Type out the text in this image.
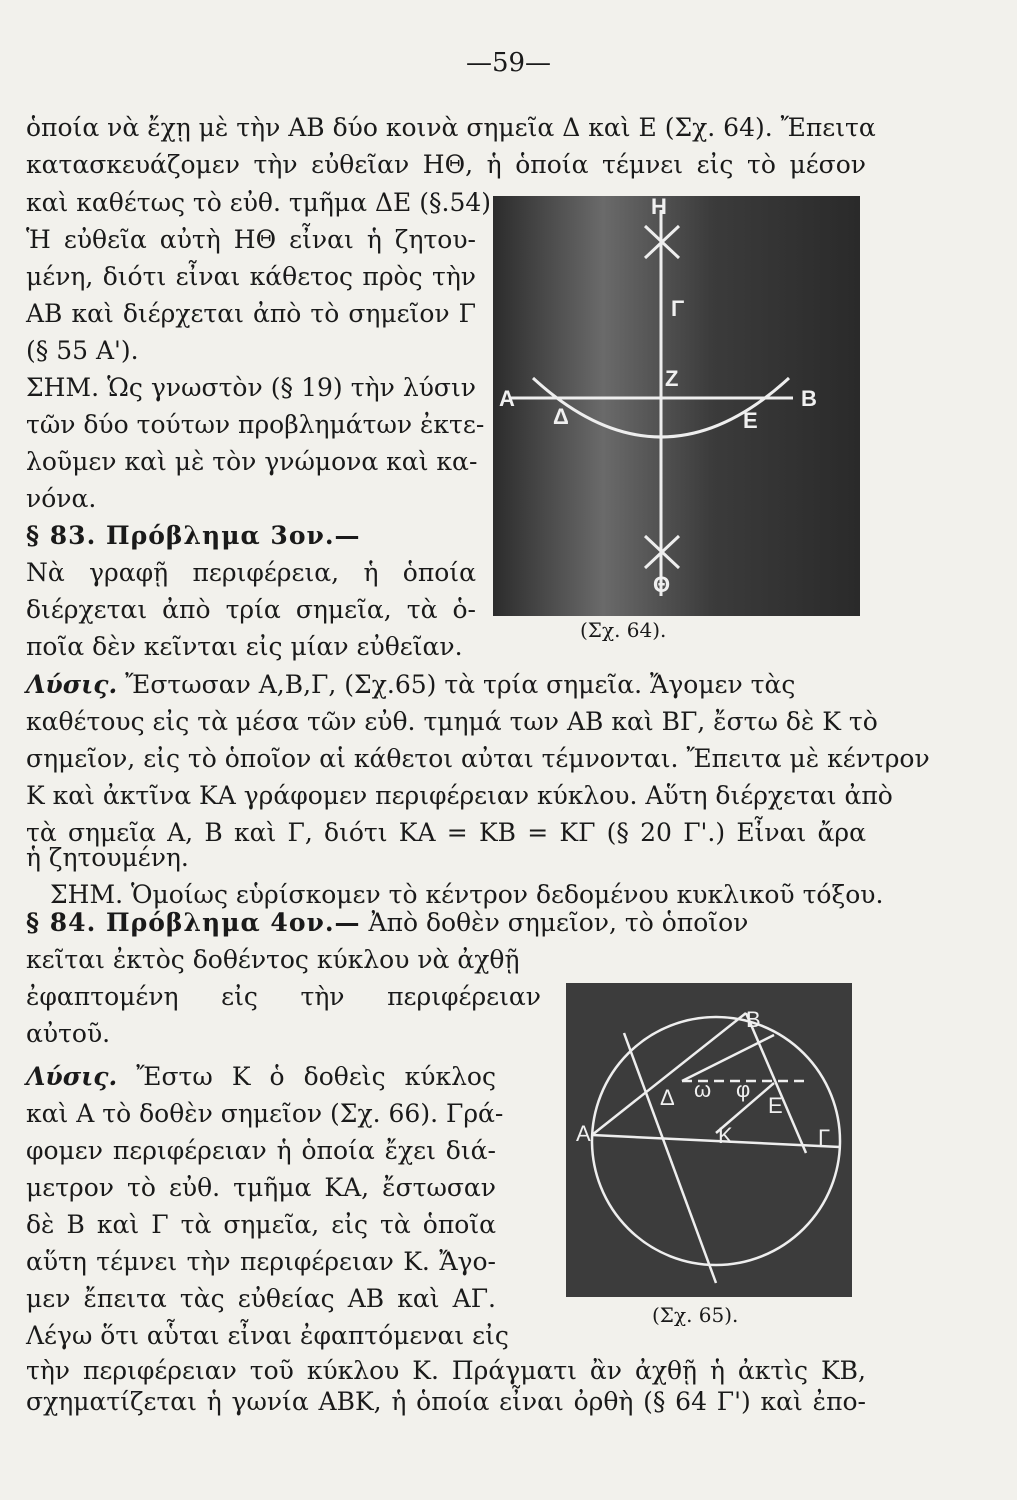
—59—
ὁποία νὰ ἔχῃ μὲ τὴν ΑΒ δύο κοινὰ σημεῖα Δ καὶ Ε (Σχ. 64). Ἔπειτα
κατασκευάζομεν τὴν εὐθεῖαν ΗΘ, ἡ ὁποία τέμνει εἰς τὸ μέσον
καὶ καθέτως τὸ εὐθ. τμῆμα ΔΕ (§.54)
Ἡ εὐθεῖα αὐτὴ ΗΘ εἶναι ἡ ζητου-
μένη, διότι εἶναι κάθετος πρὸς τὴν
ΑΒ καὶ διέρχεται ἀπὸ τὸ σημεῖον Γ
(§ 55 Α').
ΣΗΜ. Ὡς γνωστὸν (§ 19) τὴν λύσιν
τῶν δύο τούτων προβλημάτων ἐκτε-
λοῦμεν καὶ μὲ τὸν γνώμονα καὶ κα-
νόνα.
§ 83. Πρόβλημα 3ον.—
Νὰ γραφῇ περιφέρεια, ἡ ὁποία
διέρχεται ἀπὸ τρία σημεῖα, τὰ ὁ-
ποῖα δὲν κεῖνται εἰς μίαν εὐθεῖαν.
Λύσις. Ἔστωσαν Α,Β,Γ, (Σχ.65) τὰ τρία σημεῖα. Ἄγομεν τὰς
καθέτους εἰς τὰ μέσα τῶν εὐθ. τμημά των ΑΒ καὶ ΒΓ, ἔστω δὲ Κ τὸ
σημεῖον, εἰς τὸ ὁποῖον αἱ κάθετοι αὐται τέμνονται. Ἔπειτα μὲ κέντρον
Κ καὶ ἀκτῖνα ΚΑ γράφομεν περιφέρειαν κύκλου. Αὕτη διέρχεται ἀπὸ
τὰ σημεῖα Α, Β καὶ Γ, διότι ΚΑ = ΚΒ = ΚΓ (§ 20 Γ'.) Εἶναι ἄρα
ἡ ζητουμένη.
ΣΗΜ. Ὁμοίως εὑρίσκομεν τὸ κέντρον δεδομένου κυκλικοῦ τόξου.
§ 84. Πρόβλημα 4ον.— Ἀπὸ δοθὲν σημεῖον, τὸ ὁποῖον
κεῖται ἐκτὸς δοθέντος κύκλου νὰ ἀχθῇ
ἐφαπτομένη εἰς τὴν περιφέρειαν
αὐτοῦ.
Λύσις. Ἔστω Κ ὁ δοθεὶς κύκλος
καὶ Α τὸ δοθὲν σημεῖον (Σχ. 66). Γρά-
φομεν περιφέρειαν ἡ ὁποία ἔχει διά-
μετρον τὸ εὐθ. τμῆμα ΚΑ, ἔστωσαν
δὲ Β καὶ Γ τὰ σημεῖα, εἰς τὰ ὁποῖα
αὕτη τέμνει τὴν περιφέρειαν Κ. Ἄγο-
μεν ἔπειτα τὰς εὐθείας ΑΒ καὶ ΑΓ.
Λέγω ὅτι αὗται εἶναι ἐφαπτόμεναι εἰς
τὴν περιφέρειαν τοῦ κύκλου Κ. Πράγματι ἂν ἀχθῇ ἡ ἀκτὶς ΚΒ,
σχηματίζεται ἡ γωνία ΑΒΚ, ἡ ὁποία εἶναι ὀρθὴ (§ 64 Γ') καὶ ἐπο-
Η
Γ
Ζ
Α	Β
Δ	Ε
Θ
(Σχ. 64).
Β
Α	Γ
Δ ω φ
Ε
Κ
(Σχ. 65).
